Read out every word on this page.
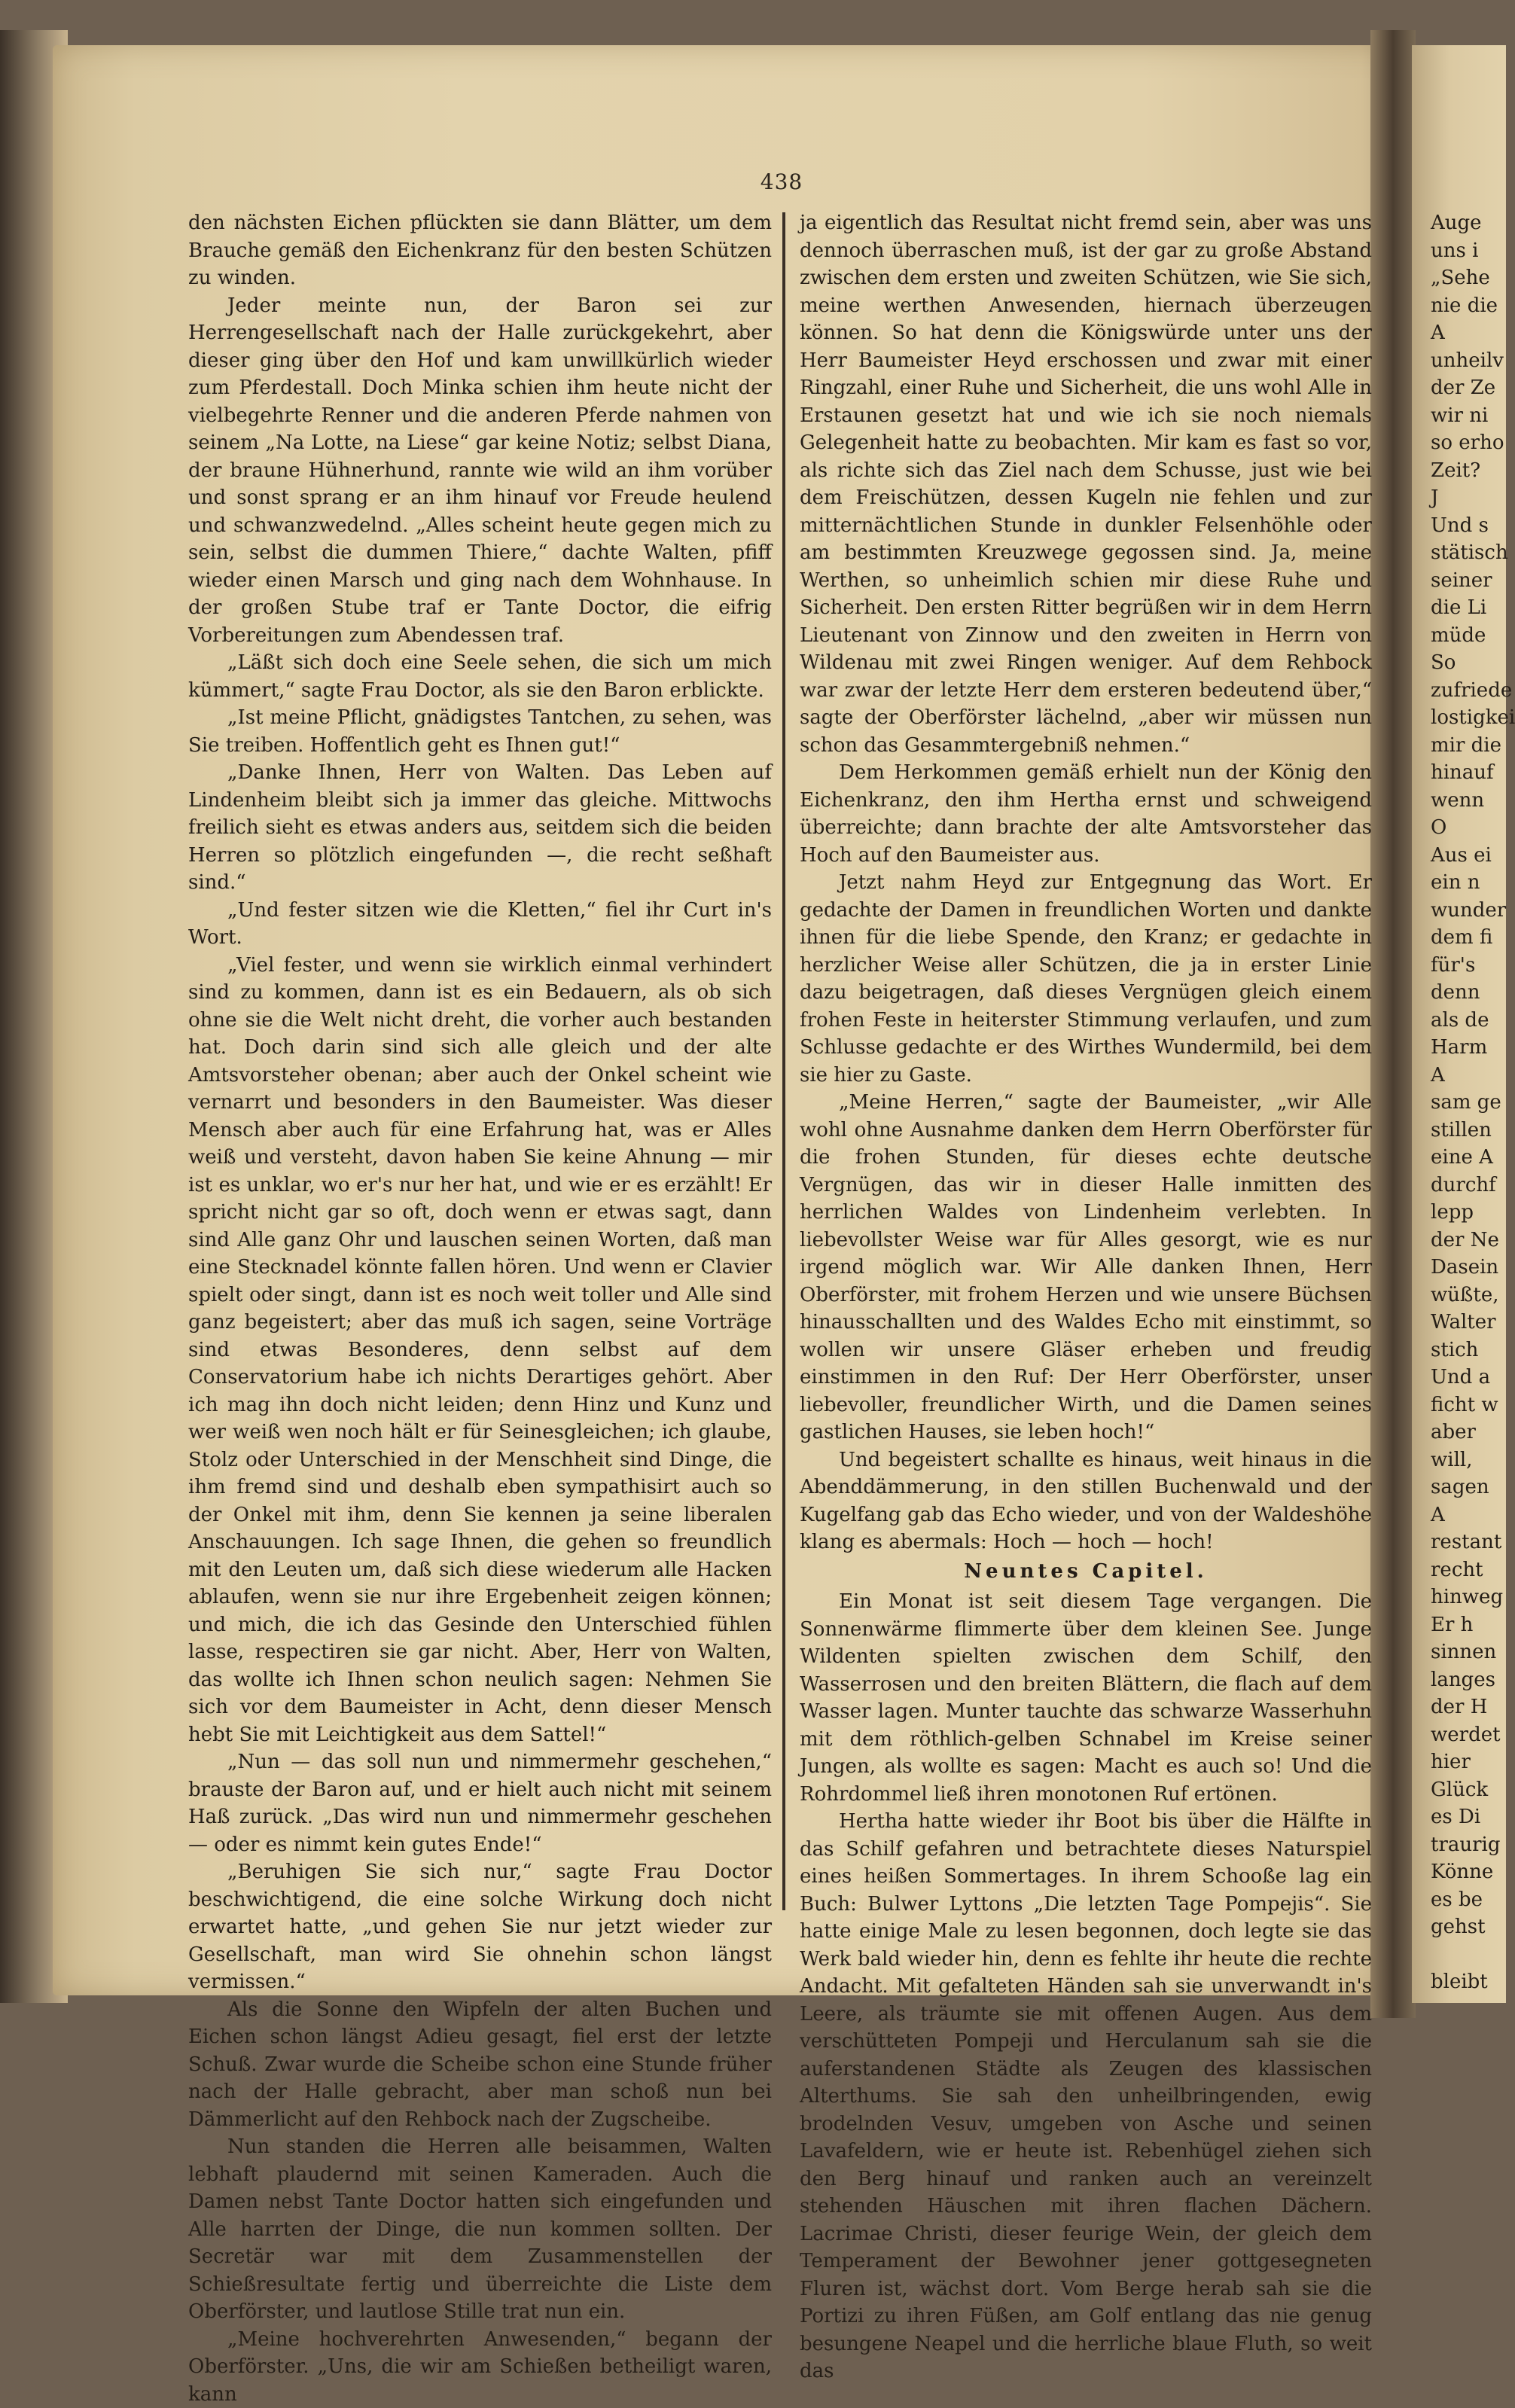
438

den nächsten Eichen pflückten sie dann Blätter, um dem Brauche gemäß den Eichenkranz für den besten Schützen zu winden.

Jeder meinte nun, der Baron sei zur Herrengesellschaft nach der Halle zurückgekehrt, aber dieser ging über den Hof und kam unwillkürlich wieder zum Pferdestall. Doch Minka schien ihm heute nicht der vielbegehrte Renner und die anderen Pferde nahmen von seinem „Na Lotte, na Liese“ gar keine Notiz; selbst Diana, der braune Hühnerhund, rannte wie wild an ihm vorüber und sonst sprang er an ihm hinauf vor Freude heulend und schwanzwedelnd. „Alles scheint heute gegen mich zu sein, selbst die dummen Thiere,“ dachte Walten, pfiff wieder einen Marsch und ging nach dem Wohnhause. In der großen Stube traf er Tante Doctor, die eifrig Vorbereitungen zum Abendessen traf.

„Läßt sich doch eine Seele sehen, die sich um mich kümmert,“ sagte Frau Doctor, als sie den Baron erblickte.

„Ist meine Pflicht, gnädigstes Tantchen, zu sehen, was Sie treiben. Hoffentlich geht es Ihnen gut!“

„Danke Ihnen, Herr von Walten. Das Leben auf Lindenheim bleibt sich ja immer das gleiche. Mittwochs freilich sieht es etwas anders aus, seitdem sich die beiden Herren so plötzlich eingefunden —, die recht seßhaft sind.“

„Und fester sitzen wie die Kletten,“ fiel ihr Curt in's Wort.

„Viel fester, und wenn sie wirklich einmal verhindert sind zu kommen, dann ist es ein Bedauern, als ob sich ohne sie die Welt nicht dreht, die vorher auch bestanden hat. Doch darin sind sich alle gleich und der alte Amtsvorsteher obenan; aber auch der Onkel scheint wie vernarrt und besonders in den Baumeister. Was dieser Mensch aber auch für eine Erfahrung hat, was er Alles weiß und versteht, davon haben Sie keine Ahnung — mir ist es unklar, wo er's nur her hat, und wie er es erzählt! Er spricht nicht gar so oft, doch wenn er etwas sagt, dann sind Alle ganz Ohr und lauschen seinen Worten, daß man eine Stecknadel könnte fallen hören. Und wenn er Clavier spielt oder singt, dann ist es noch weit toller und Alle sind ganz begeistert; aber das muß ich sagen, seine Vorträge sind etwas Besonderes, denn selbst auf dem Conservatorium habe ich nichts Derartiges gehört. Aber ich mag ihn doch nicht leiden; denn Hinz und Kunz und wer weiß wen noch hält er für Seinesgleichen; ich glaube, Stolz oder Unterschied in der Menschheit sind Dinge, die ihm fremd sind und deshalb eben sympathisirt auch so der Onkel mit ihm, denn Sie kennen ja seine liberalen Anschauungen. Ich sage Ihnen, die gehen so freundlich mit den Leuten um, daß sich diese wiederum alle Hacken ablaufen, wenn sie nur ihre Ergebenheit zeigen können; und mich, die ich das Gesinde den Unterschied fühlen lasse, respectiren sie gar nicht. Aber, Herr von Walten, das wollte ich Ihnen schon neulich sagen: Nehmen Sie sich vor dem Baumeister in Acht, denn dieser Mensch hebt Sie mit Leichtigkeit aus dem Sattel!“

„Nun — das soll nun und nimmermehr geschehen,“ brauste der Baron auf, und er hielt auch nicht mit seinem Haß zurück. „Das wird nun und nimmermehr geschehen — oder es nimmt kein gutes Ende!“

„Beruhigen Sie sich nur,“ sagte Frau Doctor beschwichtigend, die eine solche Wirkung doch nicht erwartet hatte, „und gehen Sie nur jetzt wieder zur Gesellschaft, man wird Sie ohnehin schon längst vermissen.“

Als die Sonne den Wipfeln der alten Buchen und Eichen schon längst Adieu gesagt, fiel erst der letzte Schuß. Zwar wurde die Scheibe schon eine Stunde früher nach der Halle gebracht, aber man schoß nun bei Dämmerlicht auf den Rehbock nach der Zugscheibe.

Nun standen die Herren alle beisammen, Walten lebhaft plaudernd mit seinen Kameraden. Auch die Damen nebst Tante Doctor hatten sich eingefunden und Alle harrten der Dinge, die nun kommen sollten. Der Secretär war mit dem Zusammenstellen der Schießresultate fertig und überreichte die Liste dem Oberförster, und lautlose Stille trat nun ein.

„Meine hochverehrten Anwesenden,“ begann der Oberförster. „Uns, die wir am Schießen betheiligt waren, kann

ja eigentlich das Resultat nicht fremd sein, aber was uns dennoch überraschen muß, ist der gar zu große Abstand zwischen dem ersten und zweiten Schützen, wie Sie sich, meine werthen Anwesenden, hiernach überzeugen können. So hat denn die Königswürde unter uns der Herr Baumeister Heyd erschossen und zwar mit einer Ringzahl, einer Ruhe und Sicherheit, die uns wohl Alle in Erstaunen gesetzt hat und wie ich sie noch niemals Gelegenheit hatte zu beobachten. Mir kam es fast so vor, als richte sich das Ziel nach dem Schusse, just wie bei dem Freischützen, dessen Kugeln nie fehlen und zur mitternächtlichen Stunde in dunkler Felsenhöhle oder am bestimmten Kreuzwege gegossen sind. Ja, meine Werthen, so unheimlich schien mir diese Ruhe und Sicherheit. Den ersten Ritter begrüßen wir in dem Herrn Lieutenant von Zinnow und den zweiten in Herrn von Wildenau mit zwei Ringen weniger. Auf dem Rehbock war zwar der letzte Herr dem ersteren bedeutend über,“ sagte der Oberförster lächelnd, „aber wir müssen nun schon das Gesammtergebniß nehmen.“

Dem Herkommen gemäß erhielt nun der König den Eichenkranz, den ihm Hertha ernst und schweigend überreichte; dann brachte der alte Amtsvorsteher das Hoch auf den Baumeister aus.

Jetzt nahm Heyd zur Entgegnung das Wort. Er gedachte der Damen in freundlichen Worten und dankte ihnen für die liebe Spende, den Kranz; er gedachte in herzlicher Weise aller Schützen, die ja in erster Linie dazu beigetragen, daß dieses Vergnügen gleich einem frohen Feste in heiterster Stimmung verlaufen, und zum Schlusse gedachte er des Wirthes Wundermild, bei dem sie hier zu Gaste.

„Meine Herren,“ sagte der Baumeister, „wir Alle wohl ohne Ausnahme danken dem Herrn Oberförster für die frohen Stunden, für dieses echte deutsche Vergnügen, das wir in dieser Halle inmitten des herrlichen Waldes von Lindenheim verlebten. In liebevollster Weise war für Alles gesorgt, wie es nur irgend möglich war. Wir Alle danken Ihnen, Herr Oberförster, mit frohem Herzen und wie unsere Büchsen hinausschallten und des Waldes Echo mit einstimmt, so wollen wir unsere Gläser erheben und freudig einstimmen in den Ruf: Der Herr Oberförster, unser liebevoller, freundlicher Wirth, und die Damen seines gastlichen Hauses, sie leben hoch!“

Und begeistert schallte es hinaus, weit hinaus in die Abenddämmerung, in den stillen Buchenwald und der Kugelfang gab das Echo wieder, und von der Waldeshöhe klang es abermals: Hoch — hoch — hoch!

Neuntes Capitel.

Ein Monat ist seit diesem Tage vergangen. Die Sonnenwärme flimmerte über dem kleinen See. Junge Wildenten spielten zwischen dem Schilf, den Wasserrosen und den breiten Blättern, die flach auf dem Wasser lagen. Munter tauchte das schwarze Wasserhuhn mit dem röthlich-gelben Schnabel im Kreise seiner Jungen, als wollte es sagen: Macht es auch so! Und die Rohrdommel ließ ihren monotonen Ruf ertönen.

Hertha hatte wieder ihr Boot bis über die Hälfte in das Schilf gefahren und betrachtete dieses Naturspiel eines heißen Sommertages. In ihrem Schooße lag ein Buch: Bulwer Lyttons „Die letzten Tage Pompejis“. Sie hatte einige Male zu lesen begonnen, doch legte sie das Werk bald wieder hin, denn es fehlte ihr heute die rechte Andacht. Mit gefalteten Händen sah sie unverwandt in's Leere, als träumte sie mit offenen Augen. Aus dem verschütteten Pompeji und Herculanum sah sie die auferstandenen Städte als Zeugen des klassischen Alterthums. Sie sah den unheilbringenden, ewig brodelnden Vesuv, umgeben von Asche und seinen Lavafeldern, wie er heute ist. Rebenhügel ziehen sich den Berg hinauf und ranken auch an vereinzelt stehenden Häuschen mit ihren flachen Dächern. Lacrimae Christi, dieser feurige Wein, der gleich dem Temperament der Bewohner jener gottgesegneten Fluren ist, wächst dort. Vom Berge herab sah sie die Portizi zu ihren Füßen, am Golf entlang das nie genug besungene Neapel und die herrliche blaue Fluth, so weit das

Auge
uns i
„Sehe
nie die
A
unheilv
der Ze
wir ni
so erho
Zeit?
J
Und s
stätisch
seiner
die Li
müde
So
zufriede
lostigkei
mir die
hinauf
wenn
O
Aus ei
ein n
wunder
dem fi
für's
denn
als de
Harm
A
sam ge
stillen
eine A
durchf
lepp
der Ne
Dasein
wüßte,
Walter
stich
Und a
ficht w
aber
will,
sagen
A
restant
recht
hinweg
Er h
sinnen
langes
der H
werdet
hier
Glück
es Di
traurig
Könne
es be
gehst
bleibt
